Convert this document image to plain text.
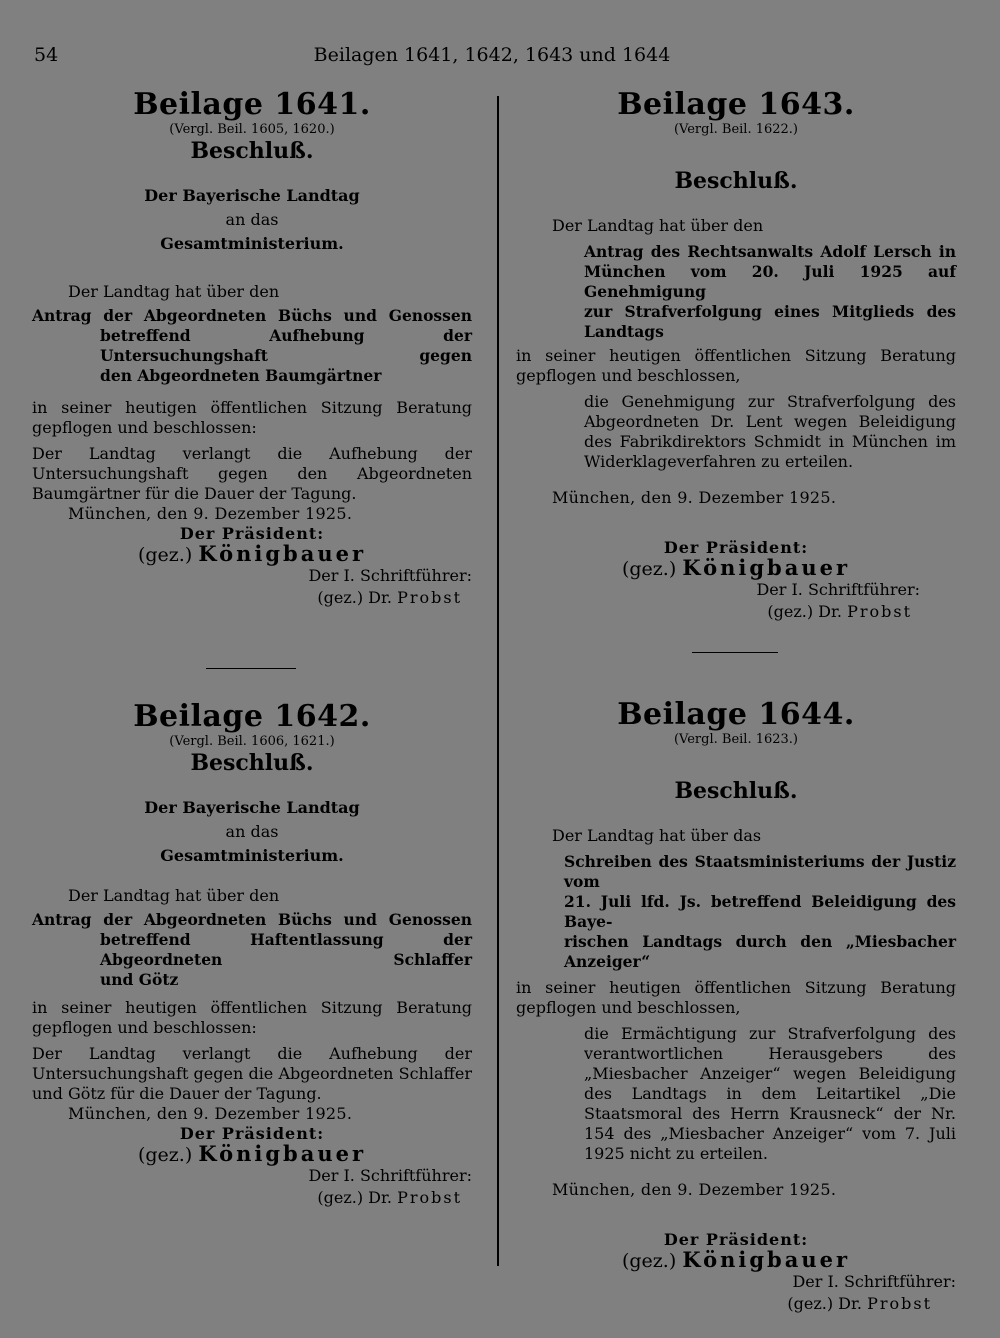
54	Beilagen 1641, 1642, 1643 und 1644

Beilage 1641.

(Vergl. Beil. 1605, 1620.)

Beschluß.

Der Bayerische Landtag

an das

Gesamtministerium.

Der Landtag hat über den

Antrag der Abgeordneten Büchs und Genossen

betreffend Aufhebung der Untersuchungshaft gegen

den Abgeordneten Baumgärtner

in seiner heutigen öffentlichen Sitzung Beratung gepflogen und beschlossen:

Der Landtag verlangt die Aufhebung der Untersuchungshaft gegen den Abgeordneten Baumgärtner für die Dauer der Tagung.

München, den 9. Dezember 1925.

Der Präsident:

(gez.) Königbauer

Der I. Schriftführer:

(gez.) Dr. Probst

Beilage 1642.

(Vergl. Beil. 1606, 1621.)

Beschluß.

Der Bayerische Landtag

an das

Gesamtministerium.

Der Landtag hat über den

Antrag der Abgeordneten Büchs und Genossen

betreffend Haftentlassung der Abgeordneten Schlaffer

und Götz

in seiner heutigen öffentlichen Sitzung Beratung gepflogen und beschlossen:

Der Landtag verlangt die Aufhebung der Untersuchungshaft gegen die Abgeordneten Schlaffer und Götz für die Dauer der Tagung.

München, den 9. Dezember 1925.

Der Präsident:

(gez.) Königbauer

Der I. Schriftführer:

(gez.) Dr. Probst

Beilage 1643.

(Vergl. Beil. 1622.)

Beschluß.

Der Landtag hat über den

Antrag des Rechtsanwalts Adolf Lersch in

München vom 20. Juli 1925 auf Genehmigung

zur Strafverfolgung eines Mitglieds des Landtags

in seiner heutigen öffentlichen Sitzung Beratung gepflogen und beschlossen,

die Genehmigung zur Strafverfolgung des Abgeordneten Dr. Lent wegen Beleidigung des Fabrikdirektors Schmidt in München im Widerklageverfahren zu erteilen.

München, den 9. Dezember 1925.

Der Präsident:

(gez.) Königbauer

Der I. Schriftführer:

(gez.) Dr. Probst

Beilage 1644.

(Vergl. Beil. 1623.)

Beschluß.

Der Landtag hat über das

Schreiben des Staatsministeriums der Justiz vom

21. Juli lfd. Js. betreffend Beleidigung des Baye-

rischen Landtags durch den „Miesbacher Anzeiger“

in seiner heutigen öffentlichen Sitzung Beratung gepflogen und beschlossen,

die Ermächtigung zur Strafverfolgung des verantwortlichen Herausgebers des „Miesbacher Anzeiger“ wegen Beleidigung des Landtags in dem Leitartikel „Die Staatsmoral des Herrn Krausneck“ der Nr. 154 des „Miesbacher Anzeiger“ vom 7. Juli 1925 nicht zu erteilen.

München, den 9. Dezember 1925.

Der Präsident:

(gez.) Königbauer

Der I. Schriftführer:

(gez.) Dr. Probst
